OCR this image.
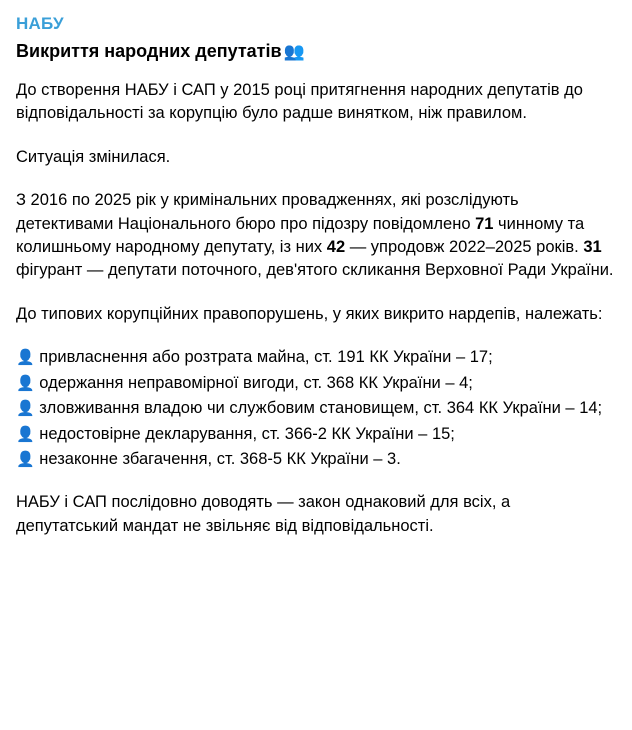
НАБУ
Викриття народних депутатів 👥

До створення НАБУ і САП у 2015 році притягнення народних депутатів до відповідальності за корупцію було радше винятком, ніж правилом.

Ситуація змінилася.

З 2016 по 2025 рік у кримінальних провадженнях, які розслідують детективами Національного бюро про підозру повідомлено 71 чинному та колишньому народному депутату, із них 42 — упродовж 2022–2025 років. 31 фігурант — депутати поточного, дев'ятого скликання Верховної Ради України.

До типових корупційних правопорушень, у яких викрито нардепів, належать:

👤 привласнення або розтрата майна, ст. 191 КК України – 17;
👤 одержання неправомірної вигоди, ст. 368 КК України – 4;
👤 зловживання владою чи службовим становищем, ст. 364 КК України – 14;
👤 недостовірне декларування, ст. 366-2 КК України – 15;
👤 незаконне збагачення, ст. 368-5 КК України – 3.

НАБУ і САП послідовно доводять — закон однаковий для всіх, а депутатський мандат не звільняє від відповідальності.
